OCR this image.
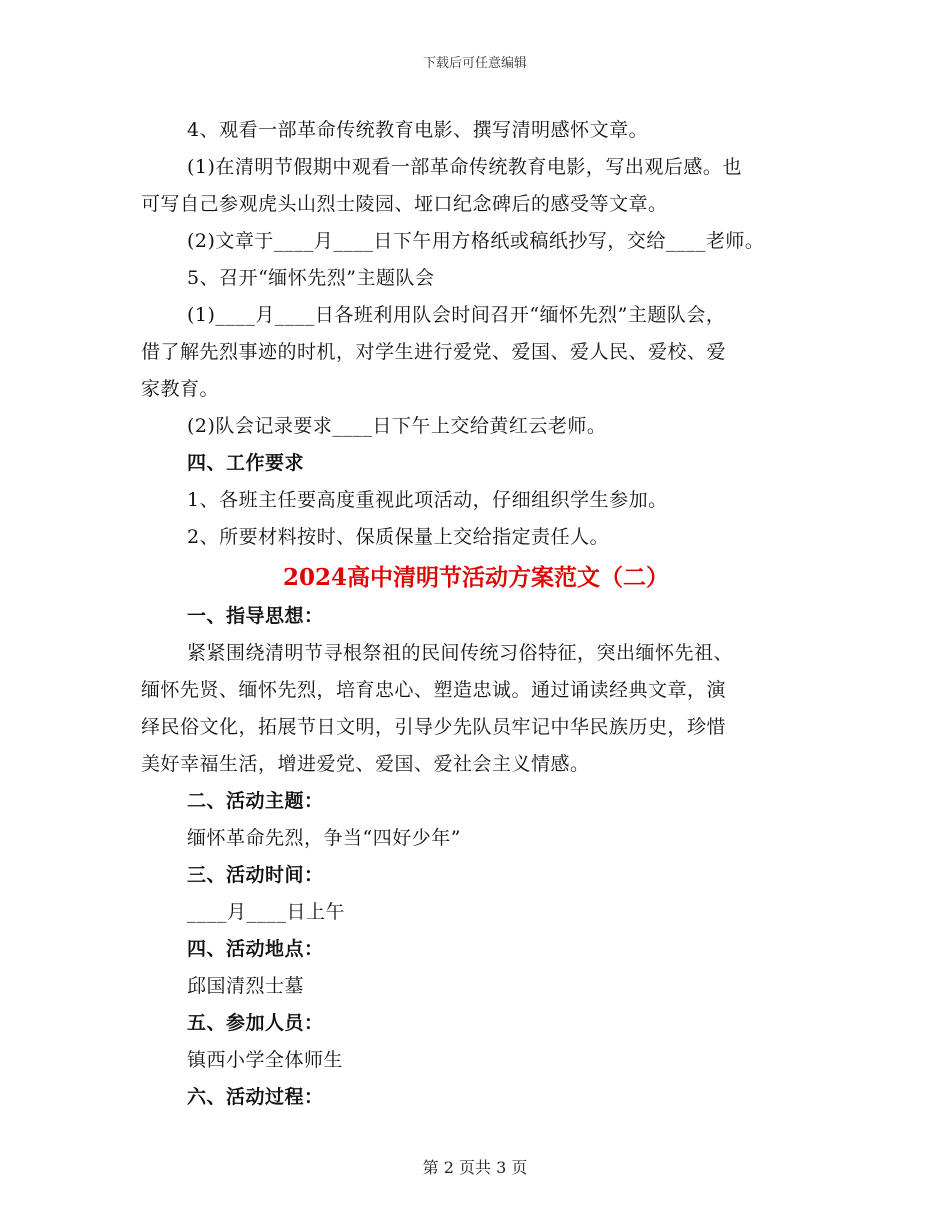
下载后可任意编辑
4、观看一部革命传统教育电影、撰写清明感怀文章。
(1)在清明节假期中观看一部革命传统教育电影，写出观后感。也
可写自己参观虎头山烈士陵园、垭口纪念碑后的感受等文章。
(2)文章于____月____日下午用方格纸或稿纸抄写，交给____老师。
5、召开“缅怀先烈”主题队会
(1)____月____日各班利用队会时间召开“缅怀先烈”主题队会，
借了解先烈事迹的时机，对学生进行爱党、爱国、爱人民、爱校、爱
家教育。
(2)队会记录要求____日下午上交给黄红云老师。
四、工作要求
1、各班主任要高度重视此项活动，仔细组织学生参加。
2、所要材料按时、保质保量上交给指定责任人。
2024高中清明节活动方案范文（二）
一、指导思想：
紧紧围绕清明节寻根祭祖的民间传统习俗特征，突出缅怀先祖、
缅怀先贤、缅怀先烈，培育忠心、塑造忠诚。通过诵读经典文章，演
绎民俗文化，拓展节日文明，引导少先队员牢记中华民族历史，珍惜
美好幸福生活，增进爱党、爱国、爱社会主义情感。
二、活动主题：
缅怀革命先烈，争当“四好少年”
三、活动时间：
____月____日上午
四、活动地点：
邱国清烈士墓
五、参加人员：
镇西小学全体师生
六、活动过程：
第 2 页共 3 页
